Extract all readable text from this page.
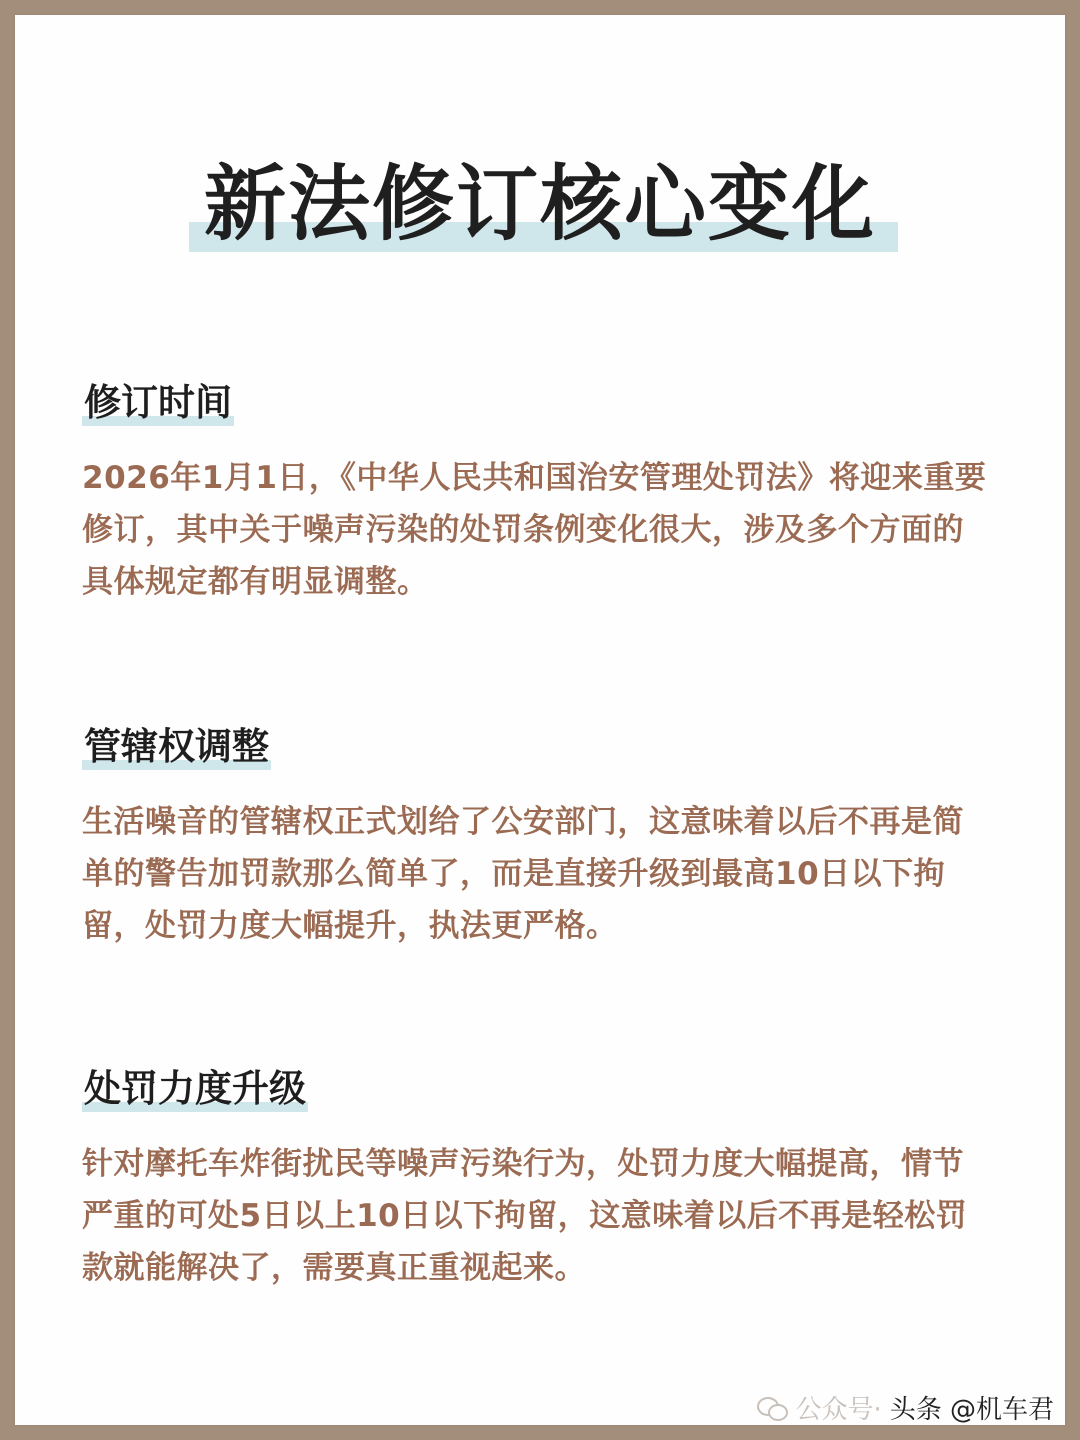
新法修订核心变化
修订时间
2026年1月1日，《中华人民共和国治安管理处罚法》将迎来重要修订，其中关于噪声污染的处罚条例变化很大，涉及多个方面的具体规定都有明显调整。
管辖权调整
生活噪音的管辖权正式划给了公安部门，这意味着以后不再是简单的警告加罚款那么简单了，而是直接升级到最高10日以下拘留，处罚力度大幅提升，执法更严格。
处罚力度升级
针对摩托车炸街扰民等噪声污染行为，处罚力度大幅提高，情节严重的可处5日以上10日以下拘留，这意味着以后不再是轻松罚款就能解决了，需要真正重视起来。
公众号· 头条 @机车君
